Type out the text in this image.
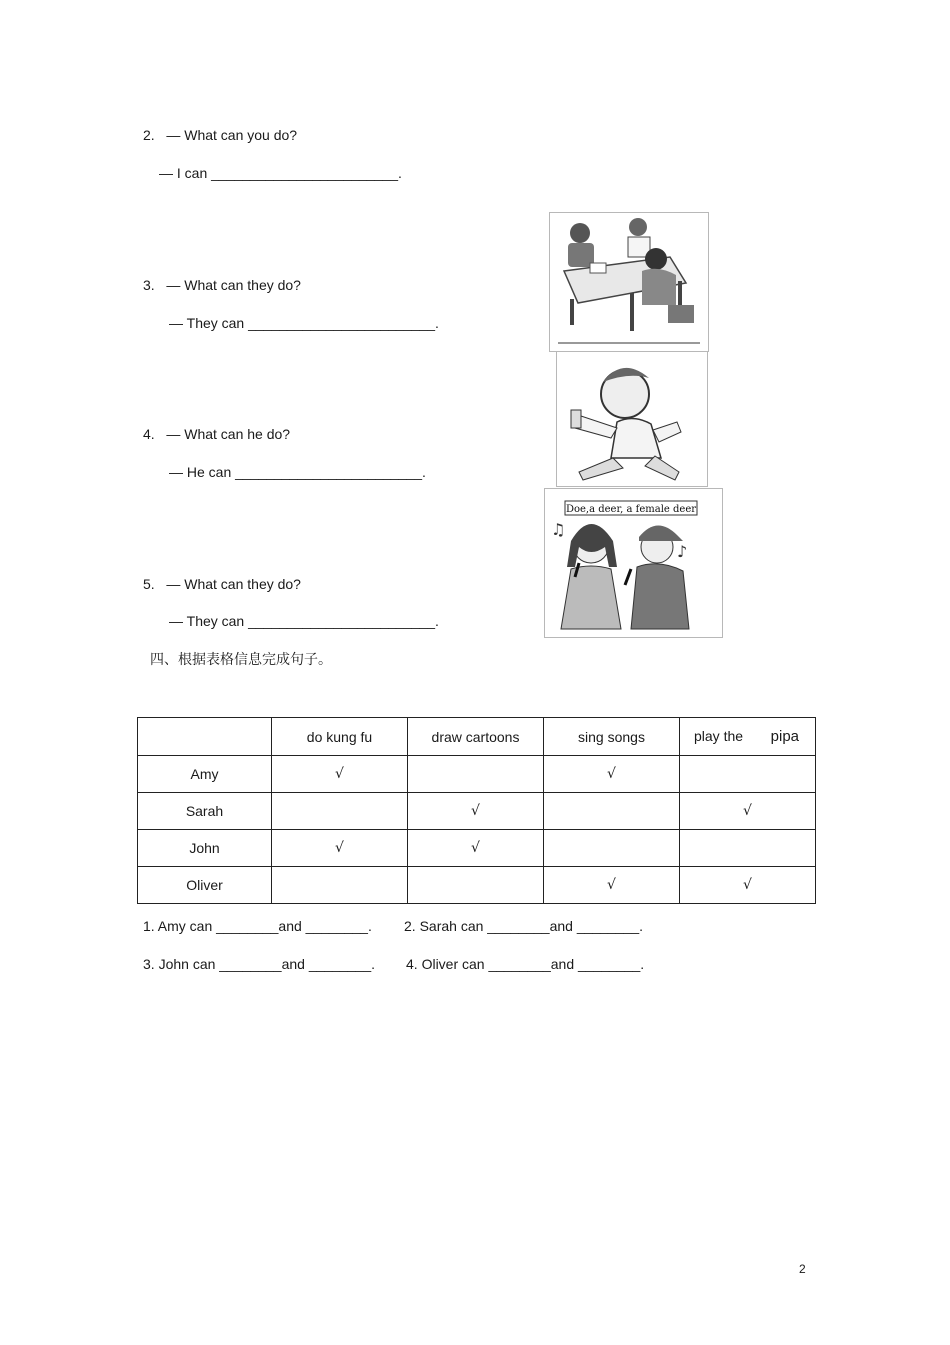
2.   — What can you do?
— I can ________________________.
3.   — What can they do?
— They can ________________________.
4.   — What can he do?
— He can ________________________.
5.   — What can they do?
— They can ________________________.
Doe,a deer, a female deer
♫
♪
四、根据表格信息完成句子。
	do kung fu	draw cartoons	sing songs	play the pipa

Amy	√		√	
Sarah		√		√
John	√	√		
Oliver			√	√
1. Amy can ________and ________. 2. Sarah can ________and ________.
3. John can ________and ________. 4. Oliver can ________and ________.
2
